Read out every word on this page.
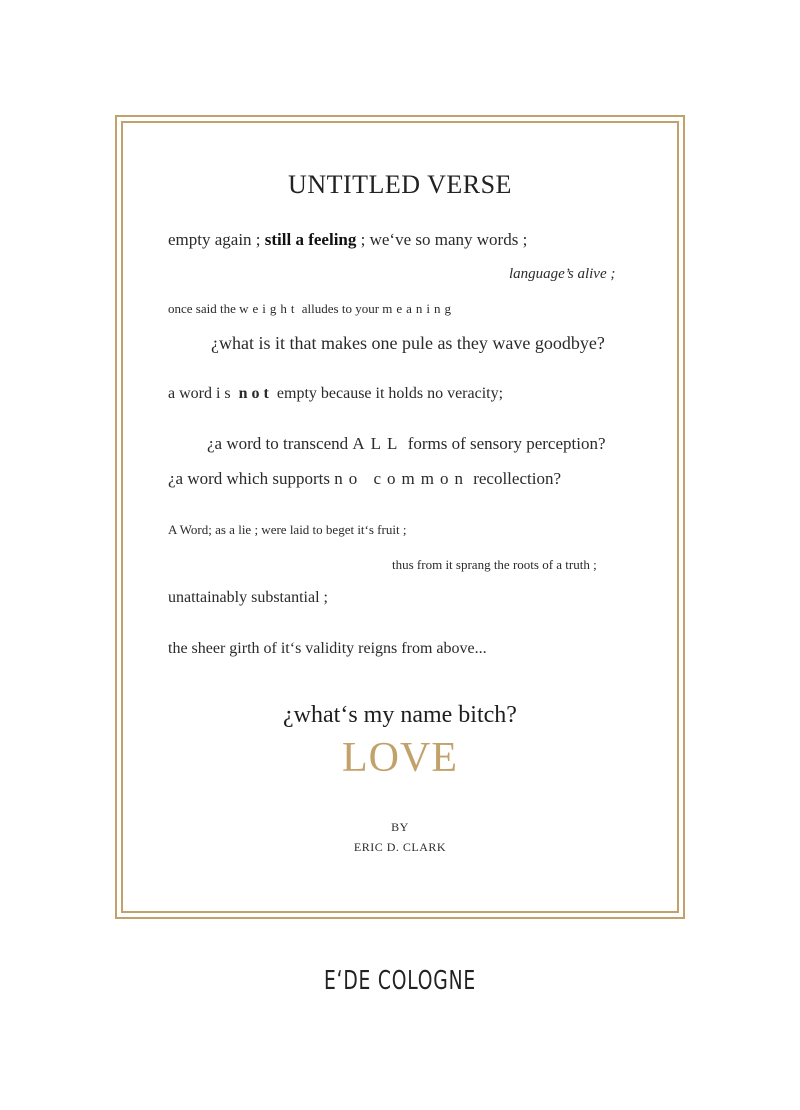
UNTITLED VERSE
empty again ; still a feeling ; we‘ve so many words ;
language’s alive ;
once said the weight alludes to your meaning
¿what is it that makes one pule as they wave goodbye?
a word is not empty because it holds no veracity;
¿a word to transcend ALL forms of sensory perception?
¿a word which supports no common recollection?
A Word; as a lie ; were laid to beget it‘s fruit ;
thus from it sprang the roots of a truth ;
unattainably substantial ;
the sheer girth of it‘s validity reigns from above...
¿what‘s my name bitch?
LOVE
BY
ERIC D. CLARK
E‘DE COLOGNE
